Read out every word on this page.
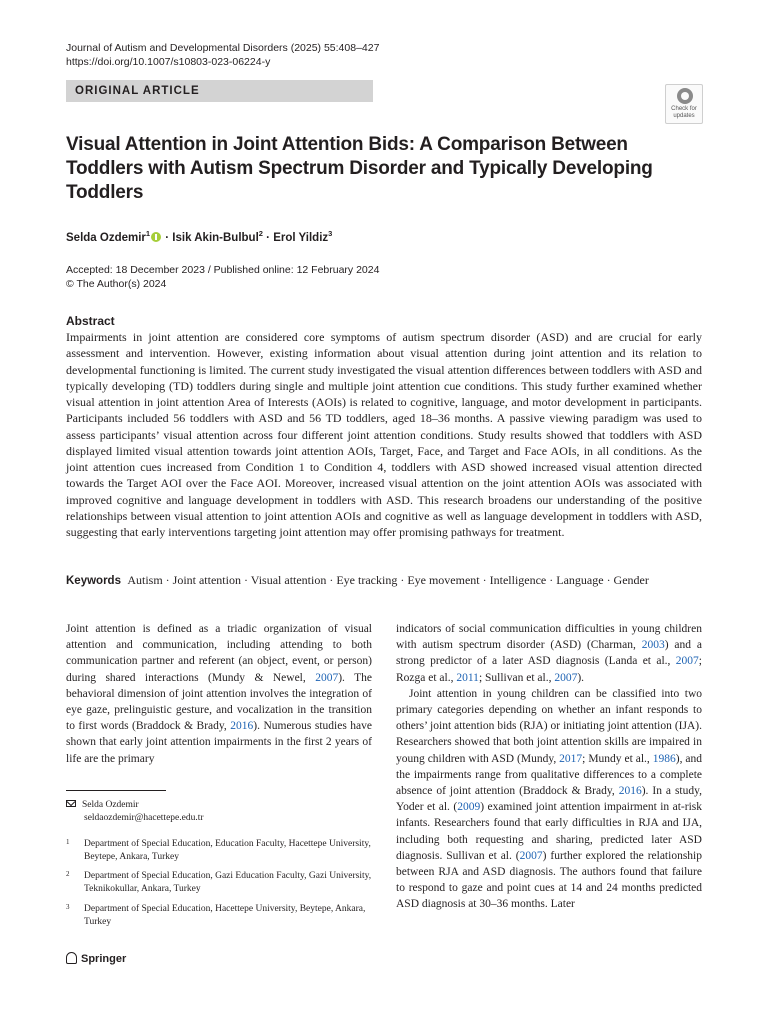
Journal of Autism and Developmental Disorders (2025) 55:408–427
https://doi.org/10.1007/s10803-023-06224-y
ORIGINAL ARTICLE
Check for updates
Visual Attention in Joint Attention Bids: A Comparison Between Toddlers with Autism Spectrum Disorder and Typically Developing Toddlers
Selda Ozdemir$^1$ · Isik Akin-Bulbul$^2$ · Erol Yildiz$^3$
Accepted: 18 December 2023 / Published online: 12 February 2024
© The Author(s) 2024
Abstract

Impairments in joint attention are considered core symptoms of autism spectrum disorder (ASD) and are crucial for early assessment and intervention. However, existing information about visual attention during joint attention and its relation to developmental functioning is limited. The current study investigated the visual attention differences between toddlers with ASD and typically developing (TD) toddlers during single and multiple joint attention cue conditions. This study further examined whether visual attention in joint attention Area of Interests (AOIs) is related to cognitive, language, and motor development in participants. Participants included 56 toddlers with ASD and 56 TD toddlers, aged 18–36 months. A passive viewing paradigm was used to assess participants’ visual attention across four different joint attention conditions. Study results showed that toddlers with ASD displayed limited visual attention towards joint attention AOIs, Target, Face, and Target and Face AOIs, in all conditions. As the joint attention cues increased from Condition 1 to Condition 4, toddlers with ASD showed increased visual attention directed towards the Target AOI over the Face AOI. Moreover, increased visual attention on the joint attention AOIs was associated with improved cognitive and language development in toddlers with ASD. This research broadens our understanding of the positive relationships between visual attention to joint attention AOIs and cognitive as well as language development in toddlers with ASD, suggesting that early interventions targeting joint attention may offer promising pathways for treatment.

Keywords Autism · Joint attention · Visual attention · Eye tracking · Eye movement · Intelligence · Language · Gender

Joint attention is defined as a triadic organization of visual attention and communication, including attending to both communication partner and referent (an object, event, or person) during shared interactions (Mundy & Newel, 2007). The behavioral dimension of joint attention involves the integration of eye gaze, prelinguistic gesture, and vocalization in the transition to first words (Braddock & Brady, 2016). Numerous studies have shown that early joint attention impairments in the first 2 years of life are the primary

indicators of social communication difficulties in young children with autism spectrum disorder (ASD) (Charman, 2003) and a strong predictor of a later ASD diagnosis (Landa et al., 2007; Rozga et al., 2011; Sullivan et al., 2007).

Joint attention in young children can be classified into two primary categories depending on whether an infant responds to others’ joint attention bids (RJA) or initiating joint attention (IJA). Researchers showed that both joint attention skills are impaired in young children with ASD (Mundy, 2017; Mundy et al., 1986), and the impairments range from qualitative differences to a complete absence of joint attention (Braddock & Brady, 2016). In a study, Yoder et al. (2009) examined joint attention impairment in at-risk infants. Researchers found that early difficulties in RJA and IJA, including both requesting and sharing, predicted later ASD diagnosis. Sullivan et al. (2007) further explored the relationship between RJA and ASD diagnosis. The authors found that failure to respond to gaze and point cues at 14 and 24 months predicted ASD diagnosis at 30–36 months. Later

Selda Ozdemir
seldaozdemir@hacettepe.edu.tr
1 Department of Special Education, Education Faculty, Hacettepe University, Beytepe, Ankara, Turkey
2 Department of Special Education, Gazi Education Faculty, Gazi University, Teknikokullar, Ankara, Turkey
3 Department of Special Education, Hacettepe University, Beytepe, Ankara, Turkey
Springer
